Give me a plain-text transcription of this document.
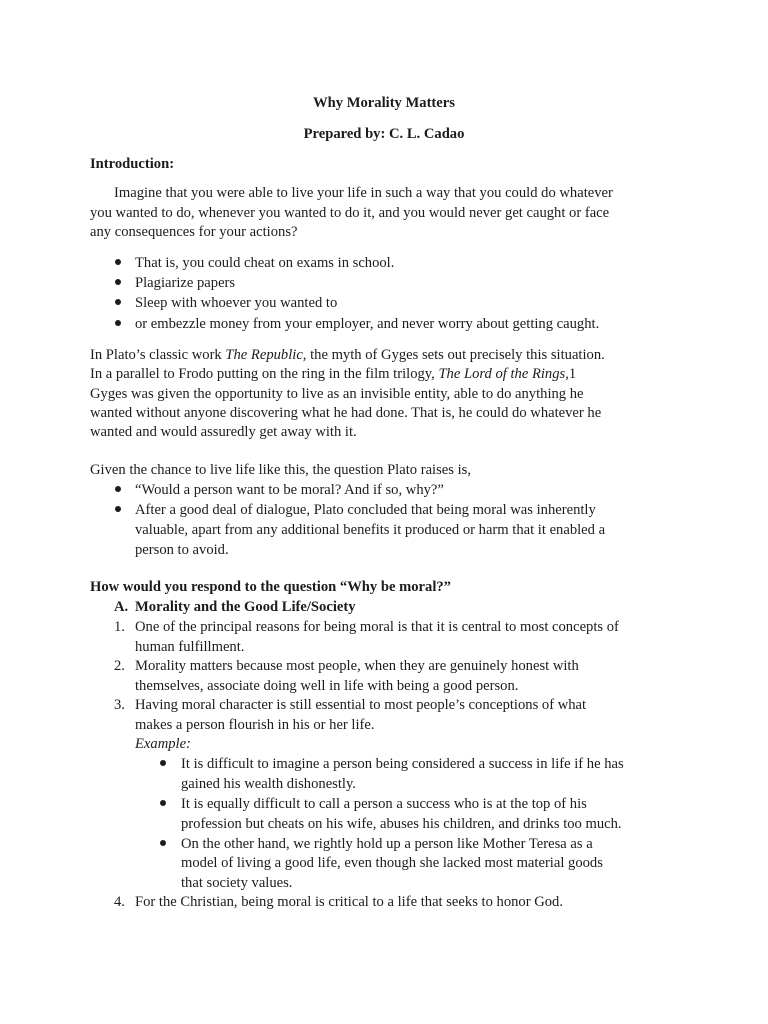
Why Morality Matters
Prepared by: C. L. Cadao
Introduction:
Imagine that you were able to live your life in such a way that you could do whatever
you wanted to do, whenever you wanted to do it, and you would never get caught or face
any consequences for your actions?
That is, you could cheat on exams in school.
Plagiarize papers
Sleep with whoever you wanted to
or embezzle money from your employer, and never worry about getting caught.
In Plato’s classic work The Republic, the myth of Gyges sets out precisely this situation.
In a parallel to Frodo putting on the ring in the film trilogy, The Lord of the Rings,1
Gyges was given the opportunity to live as an invisible entity, able to do anything he
wanted without anyone discovering what he had done. That is, he could do whatever he
wanted and would assuredly get away with it.
Given the chance to live life like this, the question Plato raises is,
“Would a person want to be moral? And if so, why?”
After a good deal of dialogue, Plato concluded that being moral was inherently
valuable, apart from any additional benefits it produced or harm that it enabled a
person to avoid.
How would you respond to the question “Why be moral?”
A. Morality and the Good Life/Society
1. One of the principal reasons for being moral is that it is central to most concepts of
human fulfillment.
2. Morality matters because most people, when they are genuinely honest with
themselves, associate doing well in life with being a good person.
3. Having moral character is still essential to most people’s conceptions of what
makes a person flourish in his or her life.
Example:
It is difficult to imagine a person being considered a success in life if he has
gained his wealth dishonestly.
It is equally difficult to call a person a success who is at the top of his
profession but cheats on his wife, abuses his children, and drinks too much.
On the other hand, we rightly hold up a person like Mother Teresa as a
model of living a good life, even though she lacked most material goods
that society values.
4. For the Christian, being moral is critical to a life that seeks to honor God.
